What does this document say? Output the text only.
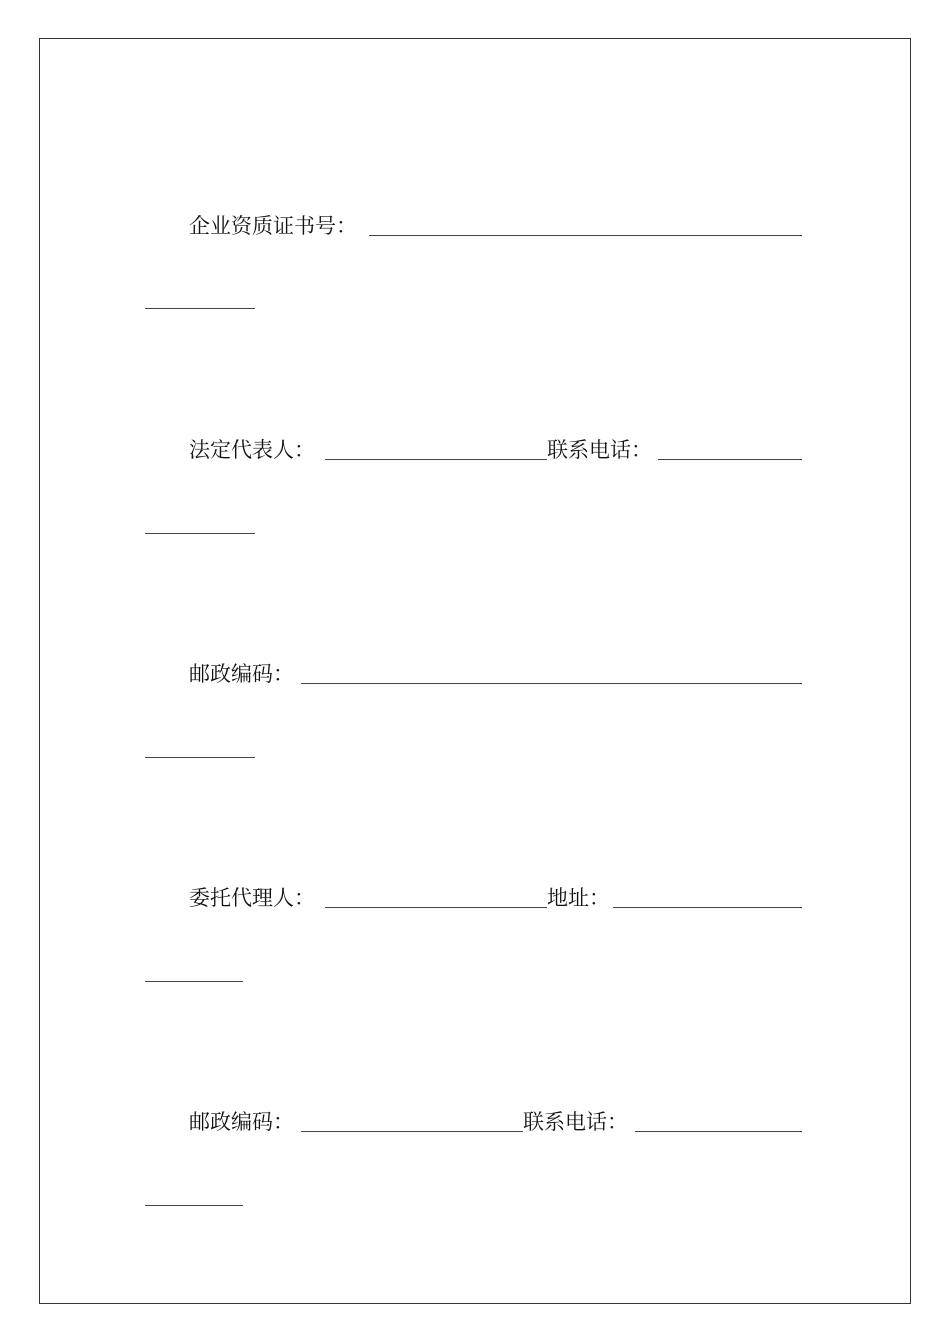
企业资质证书号：
法定代表人：	联系电话：
邮政编码：
委托代理人：	地址：
邮政编码：	联系电话：
